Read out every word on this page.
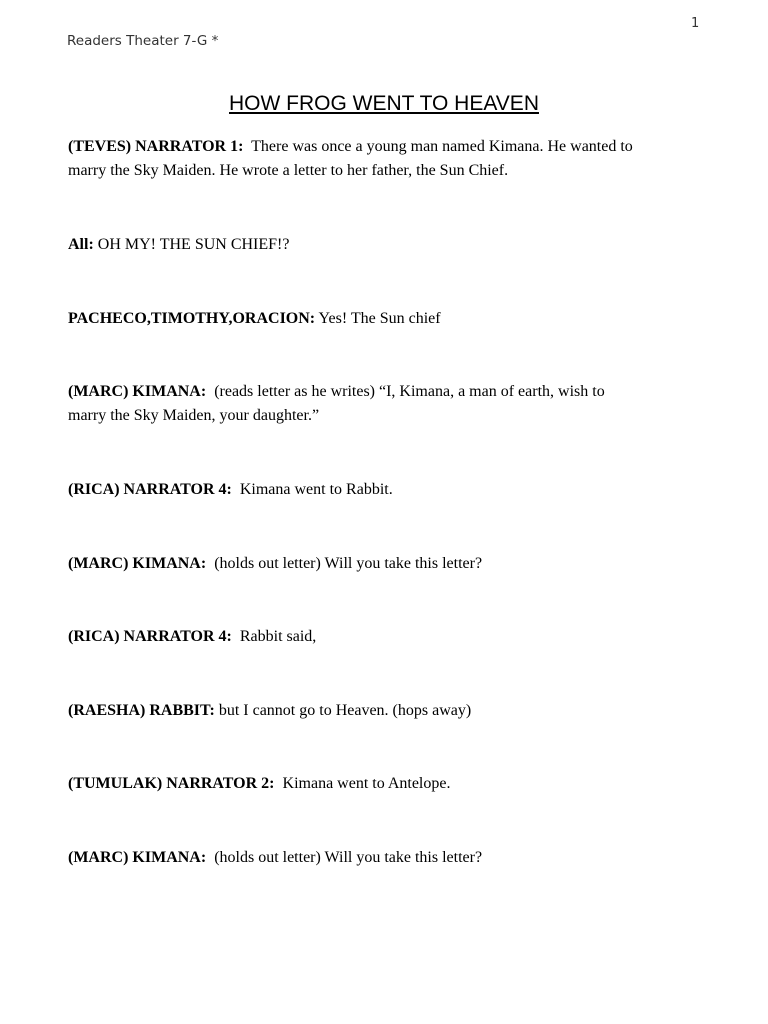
1
Readers Theater 7-G *
HOW FROG WENT TO HEAVEN
(TEVES) NARRATOR 1: There was once a young man named Kimana. He wanted to
marry the Sky Maiden. He wrote a letter to her father, the Sun Chief.
All: OH MY! THE SUN CHIEF!?
PACHECO,TIMOTHY,ORACION: Yes! The Sun chief
(MARC) KIMANA: (reads letter as he writes) “I, Kimana, a man of earth, wish to
marry the Sky Maiden, your daughter.”
(RICA) NARRATOR 4: Kimana went to Rabbit.
(MARC) KIMANA: (holds out letter) Will you take this letter?
(RICA) NARRATOR 4: Rabbit said,
(RAESHA) RABBIT: but I cannot go to Heaven. (hops away)
(TUMULAK) NARRATOR 2: Kimana went to Antelope.
(MARC) KIMANA: (holds out letter) Will you take this letter?
